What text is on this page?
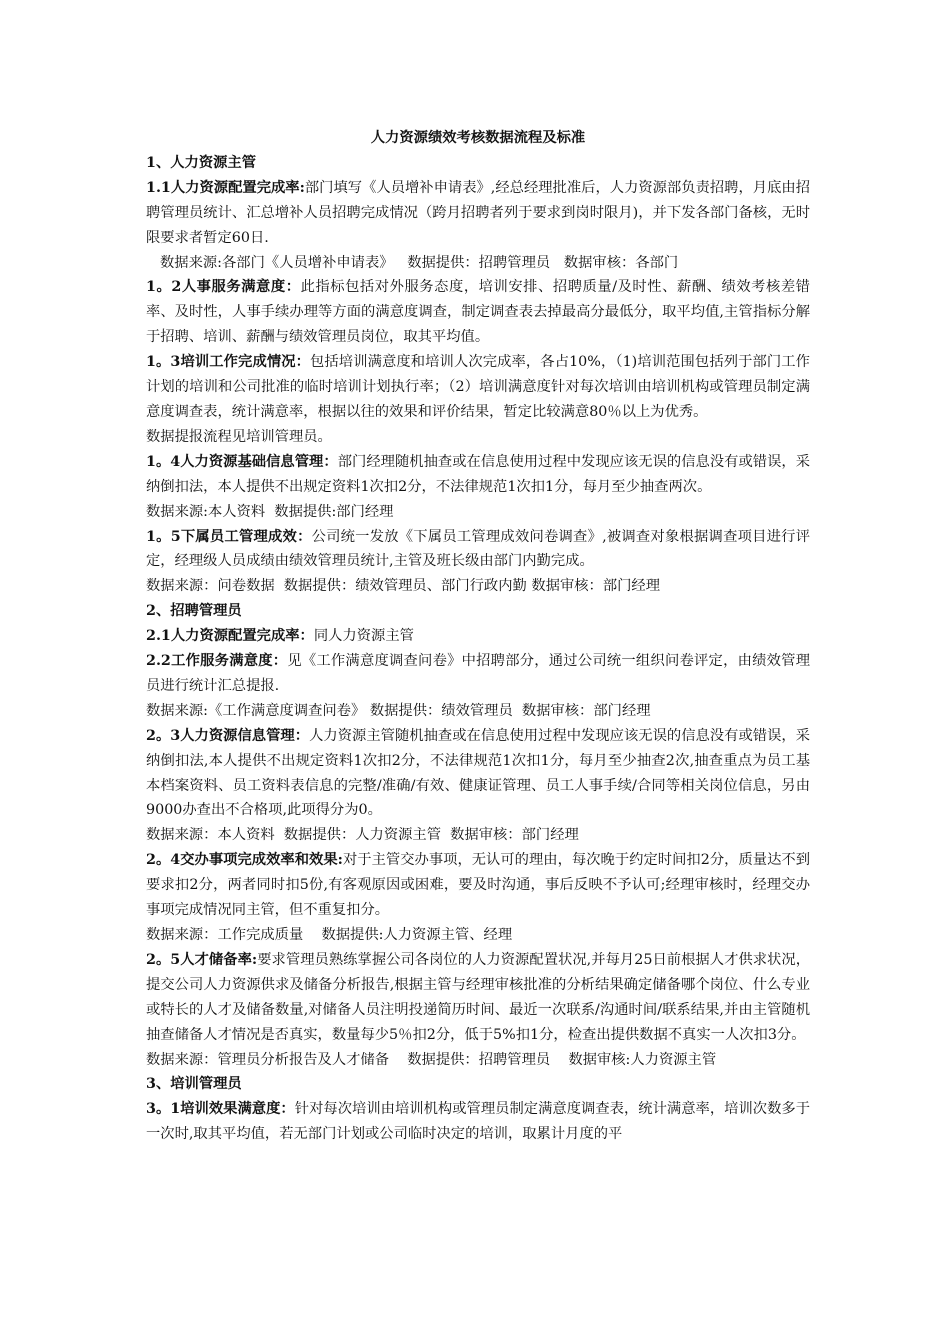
人力资源绩效考核数据流程及标准

1、人力资源主管

1.1人力资源配置完成率:部门填写《人员增补申请表》,经总经理批准后，人力资源部负责招聘，月底由招聘管理员统计、汇总增补人员招聘完成情况（跨月招聘者列于要求到岗时限月)，并下发各部门备核，无时限要求者暂定60日.

数据来源:各部门《人员增补申请表》   数据提供：招聘管理员   数据审核：各部门

1。2人事服务满意度：此指标包括对外服务态度，培训安排、招聘质量/及时性、薪酬、绩效考核差错率、及时性，人事手续办理等方面的满意度调查，制定调查表去掉最高分最低分，取平均值,主管指标分解于招聘、培训、薪酬与绩效管理员岗位，取其平均值。

1。3培训工作完成情况：包括培训满意度和培训人次完成率，各占10%，（1)培训范围包括列于部门工作计划的培训和公司批准的临时培训计划执行率；（2）培训满意度针对每次培训由培训机构或管理员制定满意度调查表，统计满意率，根据以往的效果和评价结果，暂定比较满意80％以上为优秀。

数据提报流程见培训管理员。

1。4人力资源基础信息管理：部门经理随机抽查或在信息使用过程中发现应该无误的信息没有或错误，采纳倒扣法，本人提供不出规定资料1次扣2分，不法律规范1次扣1分，每月至少抽查两次。

数据来源:本人资料  数据提供:部门经理

1。5下属员工管理成效：公司统一发放《下属员工管理成效问卷调查》,被调查对象根据调查项目进行评定，经理级人员成绩由绩效管理员统计,主管及班长级由部门内勤完成。

数据来源：问卷数据  数据提供：绩效管理员、部门行政内勤 数据审核：部门经理

2、招聘管理员

2.1人力资源配置完成率：同人力资源主管

2.2工作服务满意度：见《工作满意度调查问卷》中招聘部分，通过公司统一组织问卷评定，由绩效管理员进行统计汇总提报.

数据来源:《工作满意度调查问卷》 数据提供：绩效管理员  数据审核：部门经理

2。3人力资源信息管理：人力资源主管随机抽查或在信息使用过程中发现应该无误的信息没有或错误，采纳倒扣法,本人提供不出规定资料1次扣2分，不法律规范1次扣1分，每月至少抽查2次,抽查重点为员工基本档案资料、员工资料表信息的完整/准确/有效、健康证管理、员工人事手续/合同等相关岗位信息，另由9000办查出不合格项,此项得分为0。

数据来源：本人资料  数据提供：人力资源主管  数据审核：部门经理

2。4交办事项完成效率和效果:对于主管交办事项，无认可的理由，每次晚于约定时间扣2分，质量达不到要求扣2分，两者同时扣5份,有客观原因或困难，要及时沟通，事后反映不予认可;经理审核时，经理交办事项完成情况同主管，但不重复扣分。

数据来源：工作完成质量    数据提供:人力资源主管、经理

2。5人才储备率:要求管理员熟练掌握公司各岗位的人力资源配置状况,并每月25日前根据人才供求状况，提交公司人力资源供求及储备分析报告,根据主管与经理审核批准的分析结果确定储备哪个岗位、什么专业或特长的人才及储备数量,对储备人员注明投递简历时间、最近一次联系/沟通时间/联系结果,并由主管随机抽查储备人才情况是否真实，数量每少5％扣2分，低于5%扣1分，检查出提供数据不真实一人次扣3分。

数据来源：管理员分析报告及人才储备    数据提供：招聘管理员    数据审核:人力资源主管

3、培训管理员

3。1培训效果满意度：针对每次培训由培训机构或管理员制定满意度调查表，统计满意率，培训次数多于一次时,取其平均值，若无部门计划或公司临时决定的培训，取累计月度的平
